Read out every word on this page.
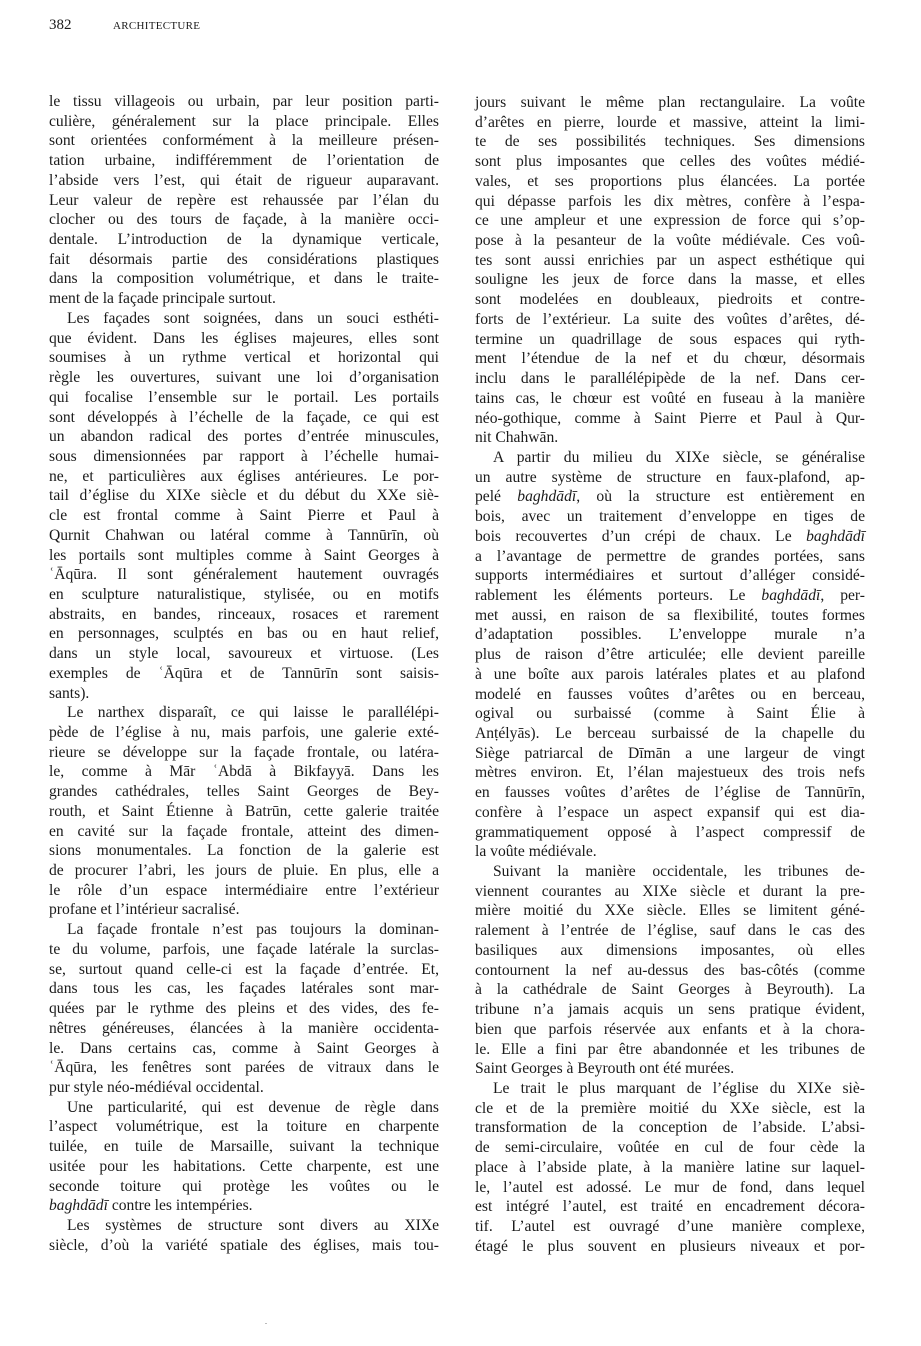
382	ARCHITECTURE
le tissu villageois ou urbain, par leur position parti-
culière, généralement sur la place principale. Elles
sont orientées conformément à la meilleure présen-
tation urbaine, indifféremment de l’orientation de
l’abside vers l’est, qui était de rigueur auparavant.
Leur valeur de repère est rehaussée par l’élan du
clocher ou des tours de façade, à la manière occi-
dentale. L’introduction de la dynamique verticale,
fait désormais partie des considérations plastiques
dans la composition volumétrique, et dans le traite-
ment de la façade principale surtout.
Les façades sont soignées, dans un souci esthéti-
que évident. Dans les églises majeures, elles sont
soumises à un rythme vertical et horizontal qui
règle les ouvertures, suivant une loi d’organisation
qui focalise l’ensemble sur le portail. Les portails
sont développés à l’échelle de la façade, ce qui est
un abandon radical des portes d’entrée minuscules,
sous dimensionnées par rapport à l’échelle humai-
ne, et particulières aux églises antérieures. Le por-
tail d’église du XIXe siècle et du début du XXe siè-
cle est frontal comme à Saint Pierre et Paul à
Qurnit Chahwan ou latéral comme à Tannūrīn, où
les portails sont multiples comme à Saint Georges à
ʿĀqūra. Il sont généralement hautement ouvragés
en sculpture naturalistique, stylisée, ou en motifs
abstraits, en bandes, rinceaux, rosaces et rarement
en personnages, sculptés en bas ou en haut relief,
dans un style local, savoureux et virtuose. (Les
exemples de ʿĀqūra et de Tannūrīn sont saisis-
sants).
Le narthex disparaît, ce qui laisse le parallélépi-
pède de l’église à nu, mais parfois, une galerie exté-
rieure se développe sur la façade frontale, ou latéra-
le, comme à Mār ʿAbdā à Bikfayyā. Dans les
grandes cathédrales, telles Saint Georges de Bey-
routh, et Saint Étienne à Batrūn, cette galerie traitée
en cavité sur la façade frontale, atteint des dimen-
sions monumentales. La fonction de la galerie est
de procurer l’abri, les jours de pluie. En plus, elle a
le rôle d’un espace intermédiaire entre l’extérieur
profane et l’intérieur sacralisé.
La façade frontale n’est pas toujours la dominan-
te du volume, parfois, une façade latérale la surclas-
se, surtout quand celle-ci est la façade d’entrée. Et,
dans tous les cas, les façades latérales sont mar-
quées par le rythme des pleins et des vides, des fe-
nêtres généreuses, élancées à la manière occidenta-
le. Dans certains cas, comme à Saint Georges à
ʿĀqūra, les fenêtres sont parées de vitraux dans le
pur style néo-médiéval occidental.
Une particularité, qui est devenue de règle dans
l’aspect volumétrique, est la toiture en charpente
tuilée, en tuile de Marsaille, suivant la technique
usitée pour les habitations. Cette charpente, est une
seconde toiture qui protège les voûtes ou le
baghdādī contre les intempéries.
Les systèmes de structure sont divers au XIXe
siècle, d’où la variété spatiale des églises, mais tou-
jours suivant le même plan rectangulaire. La voûte
d’arêtes en pierre, lourde et massive, atteint la limi-
te de ses possibilités techniques. Ses dimensions
sont plus imposantes que celles des voûtes médié-
vales, et ses proportions plus élancées. La portée
qui dépasse parfois les dix mètres, confère à l’espa-
ce une ampleur et une expression de force qui s’op-
pose à la pesanteur de la voûte médiévale. Ces voû-
tes sont aussi enrichies par un aspect esthétique qui
souligne les jeux de force dans la masse, et elles
sont modelées en doubleaux, piedroits et contre-
forts de l’extérieur. La suite des voûtes d’arêtes, dé-
termine un quadrillage de sous espaces qui ryth-
ment l’étendue de la nef et du chœur, désormais
inclu dans le parallélépipède de la nef. Dans cer-
tains cas, le chœur est voûté en fuseau à la manière
néo-gothique, comme à Saint Pierre et Paul à Qur-
nit Chahwān.
A partir du milieu du XIXe siècle, se généralise
un autre système de structure en faux-plafond, ap-
pelé baghdādī, où la structure est entièrement en
bois, avec un traitement d’enveloppe en tiges de
bois recouvertes d’un crépi de chaux. Le baghdādī
a l’avantage de permettre de grandes portées, sans
supports intermédiaires et surtout d’alléger considé-
rablement les éléments porteurs. Le baghdādī, per-
met aussi, en raison de sa flexibilité, toutes formes
d’adaptation possibles. L’enveloppe murale n’a
plus de raison d’être articulée; elle devient pareille
à une boîte aux parois latérales plates et au plafond
modelé en fausses voûtes d’arêtes ou en berceau,
ogival ou surbaissé (comme à Saint Élie à
Anṭélyās). Le berceau surbaissé de la chapelle du
Siège patriarcal de Dīmān a une largeur de vingt
mètres environ. Et, l’élan majestueux des trois nefs
en fausses voûtes d’arêtes de l’église de Tannūrīn,
confère à l’espace un aspect expansif qui est dia-
grammatiquement opposé à l’aspect compressif de
la voûte médiévale.
Suivant la manière occidentale, les tribunes de-
viennent courantes au XIXe siècle et durant la pre-
mière moitié du XXe siècle. Elles se limitent géné-
ralement à l’entrée de l’église, sauf dans le cas des
basiliques aux dimensions imposantes, où elles
contournent la nef au-dessus des bas-côtés (comme
à la cathédrale de Saint Georges à Beyrouth). La
tribune n’a jamais acquis un sens pratique évident,
bien que parfois réservée aux enfants et à la chora-
le. Elle a fini par être abandonnée et les tribunes de
Saint Georges à Beyrouth ont été murées.
Le trait le plus marquant de l’église du XIXe siè-
cle et de la première moitié du XXe siècle, est la
transformation de la conception de l’abside. L’absi-
de semi-circulaire, voûtée en cul de four cède la
place à l’abside plate, à la manière latine sur laquel-
le, l’autel est adossé. Le mur de fond, dans lequel
est intégré l’autel, est traité en encadrement décora-
tif. L’autel est ouvragé d’une manière complexe,
étagé le plus souvent en plusieurs niveaux et por-
